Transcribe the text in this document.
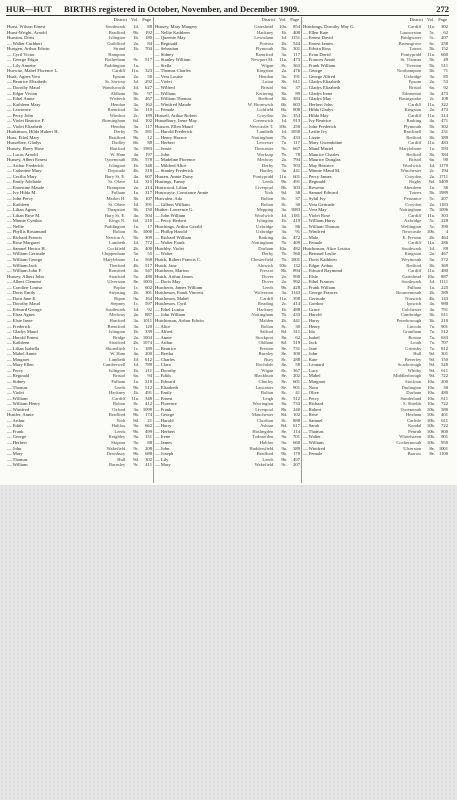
HUR—HUT BIRTHS registered in October, November, and December 1909.	272
District Vol. Page
Hurst, Wilson Ernest	Southwark	1d.	88
Hurst-Wright, Arnold	Bradford	9b.	192
Hurston, Doris	Islington	1b.	180
— Walter Cuthbert	Guildford	2a.	84
Hurtgen, Arthur Edwin	Strand	1b.	704
— Cyril Victor	Hampton
— George Edgar	Rotherham	9c.	517
— Lily Annette	Paddington	1a.
Hurwitz, Mabel Florence L.	Cardiff	11a.	323
Husk, Agnes Vera	Epsom	2a.	50
— Beatrice Elizabeth	St. Saviour	1d.	292
— Dorothy Maud	Wandsworth	1d.	627
— Edgar Vivian	Aldham	5b.	97
— Ethel Annie	Wisbech	3b.	467
— Kathleen Mary	Hendon	3a.	162
— Lawrence	Brentford	3a.	110
— Percy John	Windsor	2c.	189
— Violet Beatrice F.	Birmingham	6d.	102
— Violet Elizabeth	Hendon	3a.	117
Huskinson, Hilda Hubert H.	Derby	7b.	581
Huss, Ethel Mary	Bradford	9b.	12
Husselbee, Gladys	Dudley	6b.	88
Hussey, Harry Hose	Hartford	3a. 1983
— Lucas Arnold	W. Ham	4a.	197
Hussey, Albert Ernest	Tynemouth	10b.	578
— Arthur Frederick	Islington	1b.	348
— Catherine Mary	Depwade	4b.	318
— Cecilia Mary	Bury St. E.	4a.	607
— Emily Adelaide	St. Olave	1d.	315
— Ernestine Maude	Brampton	2a.	214
— Ivy Hilda M.	Fulham	1a.	317
— John Percy	Market H.	3b.	107
— Kathleen	St. Olave	1d.	391
— Lilian Agnes	Thrapston	3b.	150
— Lilian Rose M.	Bury St. E.	4a.	504
— Minnie Cynthia	Kings N.	6d.	210
— Nellie	Paddington	1a.	17
— Phyllis Rosamund	Bolton	8c. 1000
— Richard Francis	Newton A.	5b.	309
— Rose Margaret	Lambeth	1d.	772
— Samuel Hector H.	Cuckfield	2b.	400
— William Gertrude	Chippenham	5a.	55
— William George	Marylebone	1a.	568
— William Jack	Thetford	4b.	517
— William John F.	Romford	4a.	547
Hussey, Albert John	Stratford	5a.	480
— Albert Clement	Ulverston	8e. 1003
— Caroline Louisa	Poplar	1c.	602
— Doris Emily	Steyning	2b.	301
— Dora Jane E.	Ripon	9a.	164
— Dorothy Maud	Stepney	1c.	597
— Edward George	Southwark	1d.	92
— Eliza Agnes	Medway	2a.	887
— Elsie Irene	Hartford	3a. 1011
— Frederick	Brentford	3a.	120
— Gladys Maud	Islington	1b.	339
— Harold Ernest	Bridge	2a. 1004
— Kathleen	Stratford	2b. 1074
— Lilian Isabella	Shoreditch	1c.	189
— Mabel Annie	W. Ham	4a.	200
— Margaret	Lambeth	1d.	612
— Mary Ellen	Camberwell	1d.	789
— Percy	Islington	1b.	211
— Reginald	Bristol	6a.	94
— Sidney	Fulham	1a.	318
— Thomas	Leeds	9b.	512
— Violet	Hackney	1b.	491
— William	Cardiff	11a.	348
— William Henry	Bolton	8c.	412
— Winifred	Oxford	3a. 1099
Hustler, Annie	Bradford	9b.	174
— Arthur	York	9d.	21
— Edith	Halifax	9a.	662
— Frank	Leeds	9b.	499
— George	Keighley	9a.	151
— Herbert	Skipton	9a.	88
— John	Wakefield	9c.	208
— Mary	Dewsbury	9b.	688
— Thomas	Hull	9d.	302
— William	Barnsley	9c.	411
District Vol. Page
Hussey, Mary Margery	Gateshead	10a.	854
— Nellie Kathleen	Hackney	1b.	408
— Queenie May	Lewisham	1d. 1151
— Reginald	Portsea	2b.	544
— Sebastian	Plymouth	5b.	301
— Sidney	Brentford	3a.	117
— Stanley William	Newport M.	11a.	473
— Stella	Wigan	8c.	363
— Thomas Charles	Kingston	2a.	476
— Vera Louise	Hendon	3a.	191
— Violet	Luton	3b.	611
— Wilfred	Bristol	6a.	37
— William	Kettering	3b.	89
— William Thomas	Bedford	3b.	384
— Winifred Maude	W. Bromwich	6b.	603
— Female	Lichfield	6b.	808
Hussell, Arthur Robert	Croydon	2a.	354
Husselbury, Irene May	Greenwich	1d.	913
Husson, Ellen Maud	Newcastle T.	10b.	250
— Harold Frederick	Lambeth	1d. 1050
— Henry Horace	Nottingham	7b.	433
— Herbert	Leicester	7a.	117
— Jessie	Doncaster	9c.	667
— John	Worksop	7b.	78
— Madeline Florence	Medway	2a.	794
— Mildred Alice	Derby	7b.	503
— Stanley Frederick	Hartley	3a.	441
Husten, Annie Daisy	Pontypridd	11a.	601
Hustings, Fanny	Leeds	9b.	491
Hustwood, Lilian	Liverpool	8b.	303
Hustwayte, Constance Annie	York	9d.	38
Husvalen, Ada	Bolton	8c.	37
— Gilbert William	Bolton	8c.	30
Hutber, Lawrence G.	Mepping	3a. 1083
— John William	Woolwich	1d. 1181
— Percy Herbert	Islington	1b.	419
Hutchings, Arthur Gerald	Uxbridge	3a.	86
— Phillip Harold	Uxbridge	3a.	91
— Richard William	Barking	4a.	472
— Walter Frank	Nottingham	7b.	409
Hutchby, Violet	Durham	10a.	482
— Walter	Derby	7b.	560
Hutch, Robert Francis C.	Chesterfield	7b. 1001
Hutch, Jane	Alnwick	10b.	132
Hutcheon, Marion	Prescot	8b.	894
Hutch, Arthur James	Dover	2a.	990
— Doris May	Dover	2a.	992
Hutcheon, James William	Leeds	9b.	428
Hutcheson, Frank Vincent	Wolverton	3a. 1143
Hutcheson, Mabel	Cardiff	11a.	398
Hutcheson, Cyril	Reading	2c.	414
— Ethel Louisa	Hackney	1b.	488
— John William	Nottingham	7b.	433
Hutchinson, Arthur Edwin	Malden	2b.	441
— Alice	Bolton	8c.	30
— Alfred	Salford	8d.	311
— Annie	Stockport	8a.	62
— Arthur	Oldham	8d.	519
— Beatrice	Preston	8e.	731
— Bertha	Burnley	8e.	300
— Charles	Bury	8c.	288
— Clara	Rochdale	8e.	58
— Dorothy	Wigan	8c.	367
— Edith	Blackburn	8e.	202
— Edward	Chorley	8e.	601
— Elizabeth	Lancaster	8e.	901
— Emily	Bolton	8c.	41
— Ernest	Leigh	8c.	512
— Florence	Warrington	8a.	733
— Frank	Liverpool	8b.	240
— George	Manchester	8d.	102
— Harold	Chorlton	8c.	888
— Harry	Ashton	8d.	617
— Herbert	Haslingden	8e.	114
— Irene	Todmorden	9a.	701
— James	Halifax	9a.	660
— John	Huddersfield	9a.	389
— Joseph	Bradford	9b.	170
— Lily	Leeds	9b.	497
— Mary	Wakefield	9c.	207
District Vol. Page
Hutchings, Dorothy May G.	Cardiff	11a.	302
— Ellen Kate	Launceston	5c.	62
— Ernest David	Bridgwater	5c.	207
— Ernest James	Bromsgrove	6c.	258
— Edwin Ross	Totnes	5b.	152
— Evan David	Pontypridd	11a.	660
— Frances Annie	St. Thomas	5b.	49
— Frank William	Tiverton	5b.	511
— George	Northampton	3b.	71
— George Alfred	Uxbridge	3a.	85
— Gladys Elizabeth	Epsom	2a.	53
— Gladys Elizabeth	Bristol	6a.	92
— Gladys Irene	Edmonton	3a.	473
— Gladys May	Basingstoke	2c.	108
— Herbert John	Cardiff	11a.	322
— Hilda Gladys	Kingston	2a.	473
— Hilda May	Cardiff	11a.	314
— Ivy Beatrice	Barking	4a.	471
— John Frederick	Plymouth	5b.	302
— Leslie Ivy	Bracknell	3a.	231
— Lizzie	Bedford	3b.	389
— Mary Gwendoline	Cardiff	11a.	483
— Maud Muriel	Marylebone	1a.	593
— Maurice Charles	Bedford	3b.	384
— Maurice Douglas	Bristol	6a.	90
— May Beatrice	Woolwich	1d. 1179
— Minnie Maud M.	Winchester	2c.	194
— Percy James	Croydon	2a. 1711
— Reginald	Rugby	6d. 5409
— Rowena	Aberdeen	1a.	36
— Samuel Edward	Totnes	5b. 1989
— Sybil Ivy	Penzance	5c.	207
— Vera Gertrude	Croydon	2a. 1183
— Vera May	Nottingham	7b. 1096
— Violet Rose	Cardiff	11a.	303
— William Harry	Axbridge	5c.	228
— William Thomas	Wellington	5c.	390
— Winifred	Newcastle	10b.	4
— Male	E. Preston	2b.	464
— Female	Cardiff	11a.	286
Hutchinson, Alice Louisa	Southwark	1d.	89
— Bernard Leslie	Kingston	2a.	467
— Doris Kathleen	Weymouth	5a.	572
— Edgar Arthur	Bedford	3b.	369
— Edward Raymond	Cardiff	11a.	480
— Elsie	Gateshead	10a.	887
— Ethel Frances	Southwark	1d. 1111
— Frank William	Fulham	1a.	225
— George Frances	Bournemouth	2b.	589
— Gertrude	Norwich	4b.	143
— Gordon	Ipswich	4a.	988
— Grace	Colchester	4a.	791
— Harold	Cambridge	3b.	611
— Harry	Peterborough	3b.	210
— Henry	Lincoln	7a.	901
— Ida	Grantham	7a.	512
— Isabel	Boston	7a.	633
— Jack	Louth	7a.	707
— Jane	Grimsby	7a.	812
— John	Hull	9d.	301
— Kate	Beverley	9d.	150
— Leonard	Scarborough	9d.	520
— Lucy	Whitby	9d.	611
— Mabel	Middlesbrough	9d.	722
— Margaret	Stockton	10a.	200
— Nora	Darlington	10a.	30
— Olive	Durham	10a.	480
— Percy	Sunderland	10a.	611
— Richard	S. Shields	10a.	722
— Robert	Tynemouth	10b.	580
— Rose	Hexham	10b.	401
— Samuel	Carlisle	10b.	611
— Sarah	Kendal	10b.	722
— Thomas	Penrith	10b.	800
— Walter	Whitehaven	10b.	901
— William	Cockermouth	10b.	950
— Winifred	Ulverston	8e. 1001
— Female	Barrow	8e. 1100
